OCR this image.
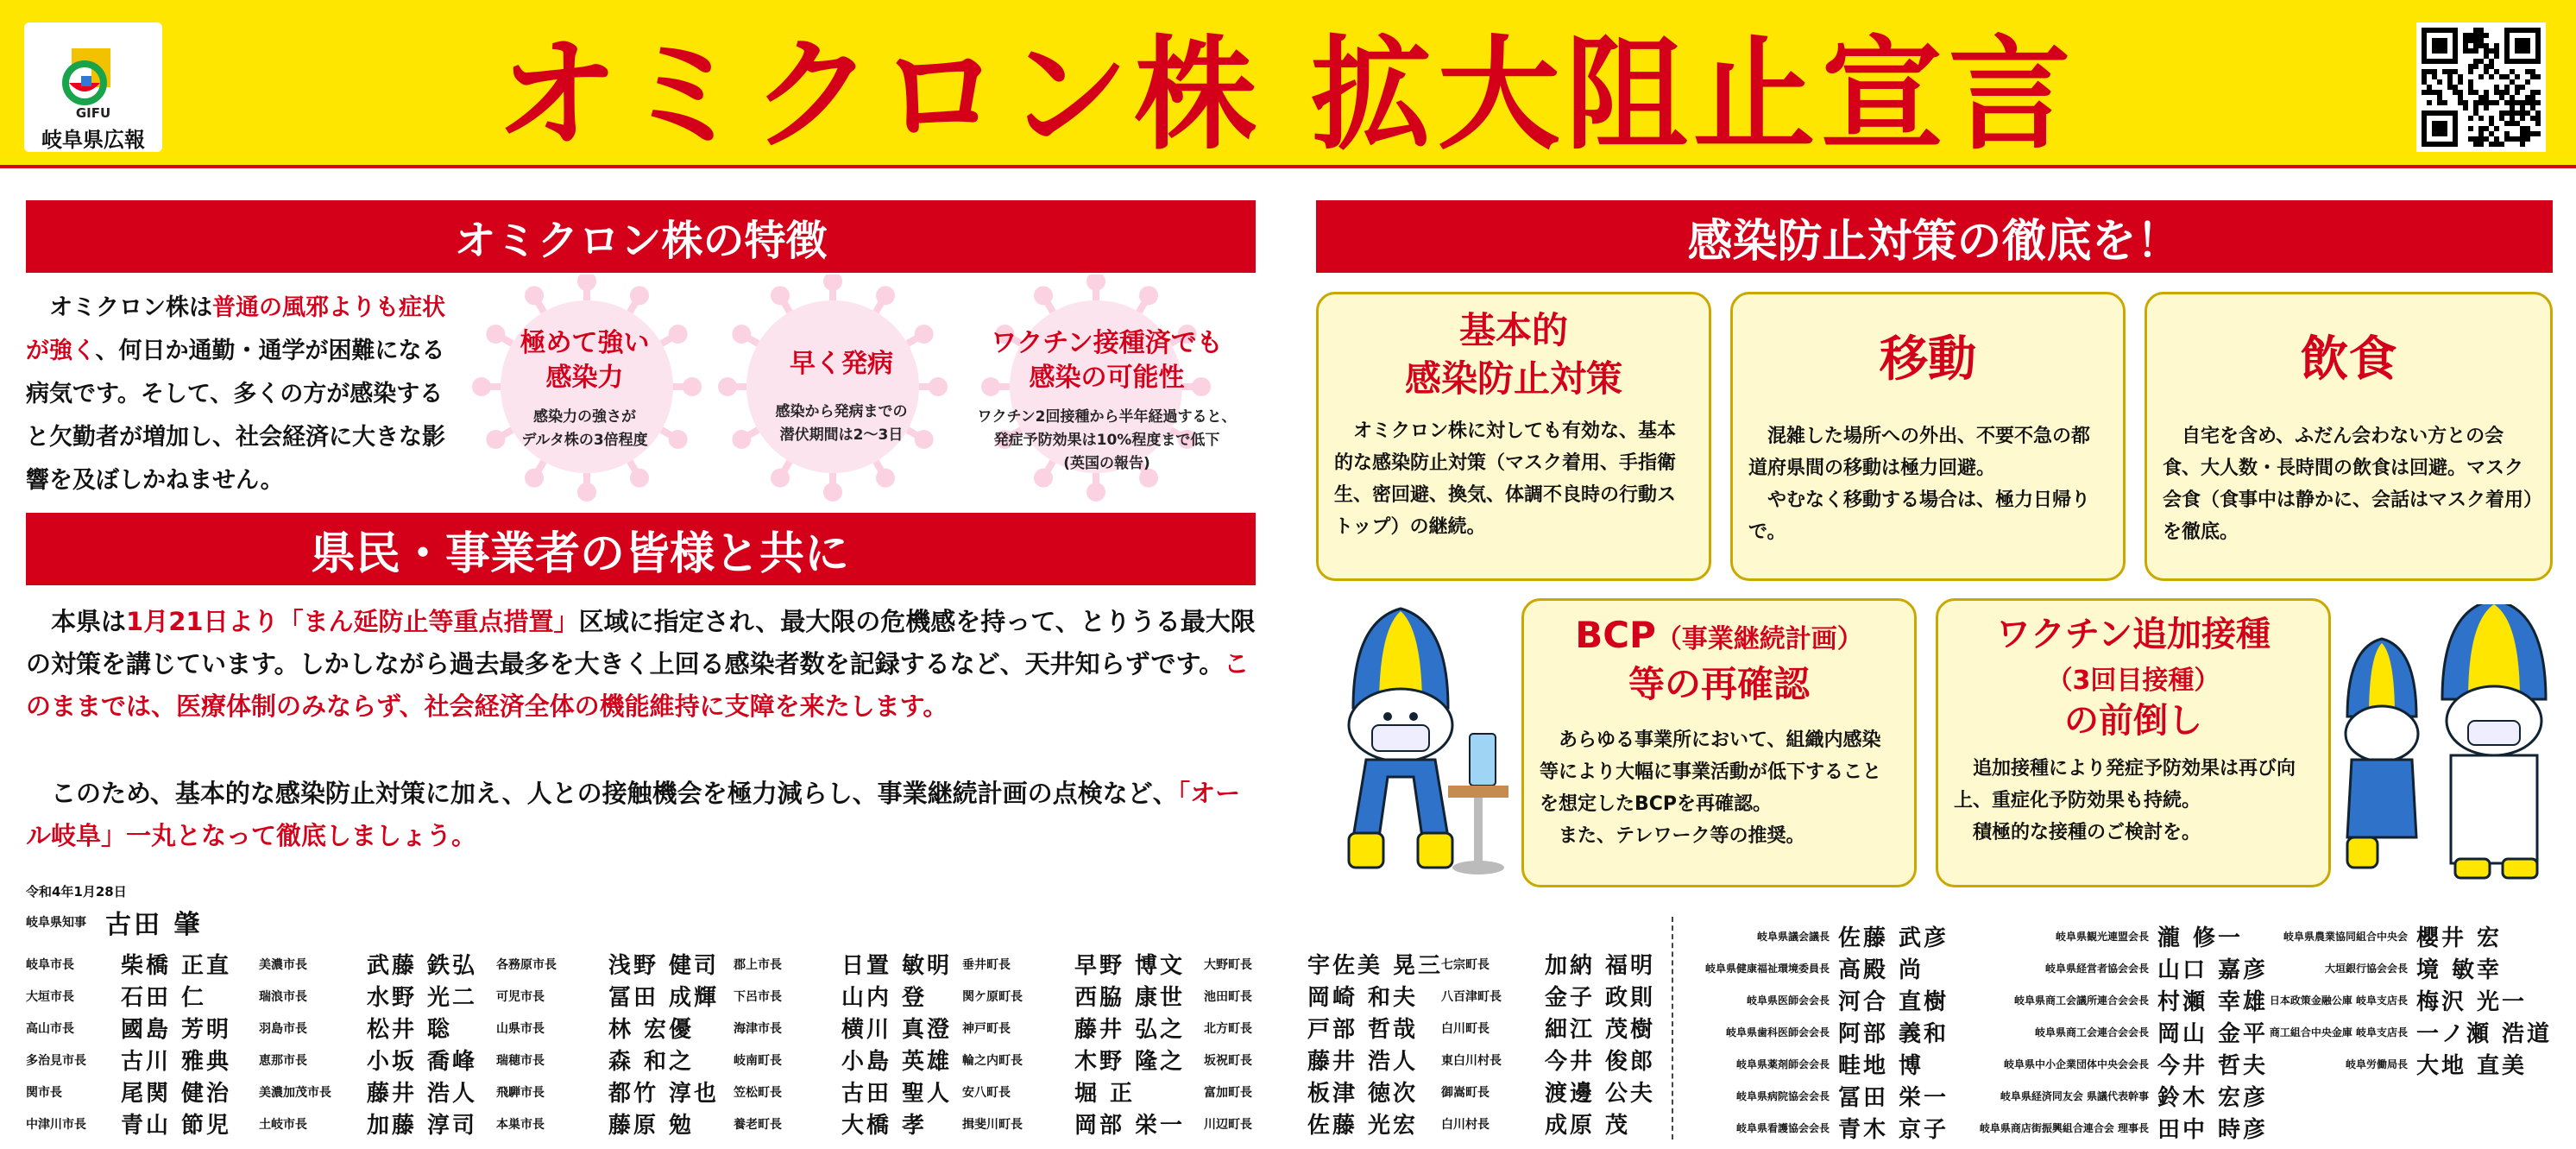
GIFU
岐阜県広報	オミクロン株 拡大阻止宣言
オミクロン株の特徴
　オミクロン株は普通の風邪よりも症状が強く、何日か通勤・通学が困難になる病気です。そして、多くの方が感染すると欠勤者が増加し、社会経済に大きな影響を及ぼしかねません。
極めて強い
感染力
感染力の強さが
デルタ株の3倍程度
早く発病
感染から発病までの
潜伏期間は2～3日
ワクチン接種済でも
感染の可能性
ワクチン2回接種から半年経過すると、
発症予防効果は10%程度まで低下
(英国の報告)
県民・事業者の皆様と共に
　本県は1月21日より「まん延防止等重点措置」区域に指定され、最大限の危機感を持って、とりうる最大限の対策を講じています。しかしながら過去最多を大きく上回る感染者数を記録するなど、天井知らずです。このままでは、医療体制のみならず、社会経済全体の機能維持に支障を来たします。
　このため、基本的な感染防止対策に加え、人との接触機会を極力減らし、事業継続計画の点検など、「オール岐阜」一丸となって徹底しましょう。
感染防止対策の徹底を！
基本的
感染防止対策
　オミクロン株に対しても有効な、基本的な感染防止対策（マスク着用、手指衛生、密回避、換気、体調不良時の行動ストップ）の継続。
移動
　混雑した場所への外出、不要不急の都道府県間の移動は極力回避。
　やむなく移動する場合は、極力日帰りで。
飲食
　自宅を含め、ふだん会わない方との会食、大人数・長時間の飲食は回避。マスク会食（食事中は静かに、会話はマスク着用）を徹底。
BCP（事業継続計画）
等の再確認
　あらゆる事業所において、組織内感染等により大幅に事業活動が低下することを想定したBCPを再確認。
　また、テレワーク等の推奨。
ワクチン追加接種
（3回目接種）
の前倒し
　追加接種により発症予防効果は再び向上、重症化予防効果も持続。
　積極的な接種のご検討を。
令和4年1月28日
岐阜県知事 古田 肇
岐阜市長	柴橋 正直
大垣市長	石田 仁
高山市長	國島 芳明
多治見市長	古川 雅典
関市長	尾関 健治
中津川市長	青山 節児
美濃市長	武藤 鉄弘
瑞浪市長	水野 光二
羽島市長	松井 聡
恵那市長	小坂 喬峰
美濃加茂市長	藤井 浩人
土岐市長	加藤 淳司
各務原市長	浅野 健司
可児市長	冨田 成輝
山県市長	林 宏優
瑞穂市長	森 和之
飛騨市長	都竹 淳也
本巣市長	藤原 勉
郡上市長	日置 敏明
下呂市長	山内 登
海津市長	横川 真澄
岐南町長	小島 英雄
笠松町長	古田 聖人
養老町長	大橋 孝
垂井町長	早野 博文
関ケ原町長	西脇 康世
神戸町長	藤井 弘之
輪之内町長	木野 隆之
安八町長	堀 正
揖斐川町長	岡部 栄一
大野町長	宇佐美 晃三
池田町長	岡崎 和夫
北方町長	戸部 哲哉
坂祝町長	藤井 浩人
富加町長	板津 徳次
川辺町長	佐藤 光宏
七宗町長	加納 福明
八百津町長	金子 政則
白川町長	細江 茂樹
東白川村長	今井 俊郎
御嵩町長	渡邊 公夫
白川村長	成原 茂
岐阜県議会議長 佐藤 武彦
岐阜県健康福祉環境委員長 高殿 尚
岐阜県医師会会長 河合 直樹
岐阜県歯科医師会会長 阿部 義和
岐阜県薬剤師会会長 畦地 博
岐阜県病院協会会長 冨田 栄一
岐阜県看護協会会長 青木 京子
岐阜県観光連盟会長 瀧 修一
岐阜県経営者協会会長 山口 嘉彦
岐阜県商工会議所連合会会長 村瀬 幸雄
岐阜県商工会連合会会長 岡山 金平
岐阜県中小企業団体中央会会長 今井 哲夫
岐阜県経済同友会 県議代表幹事 鈴木 宏彦
岐阜県商店街振興組合連合会 理事長 田中 時彦
岐阜県農業協同組合中央会 櫻井 宏
大垣銀行協会会長 境 敏幸
日本政策金融公庫 岐阜支店長 梅沢 光一
商工組合中央金庫 岐阜支店長 一ノ瀬 浩道
岐阜労働局長 大地 直美
